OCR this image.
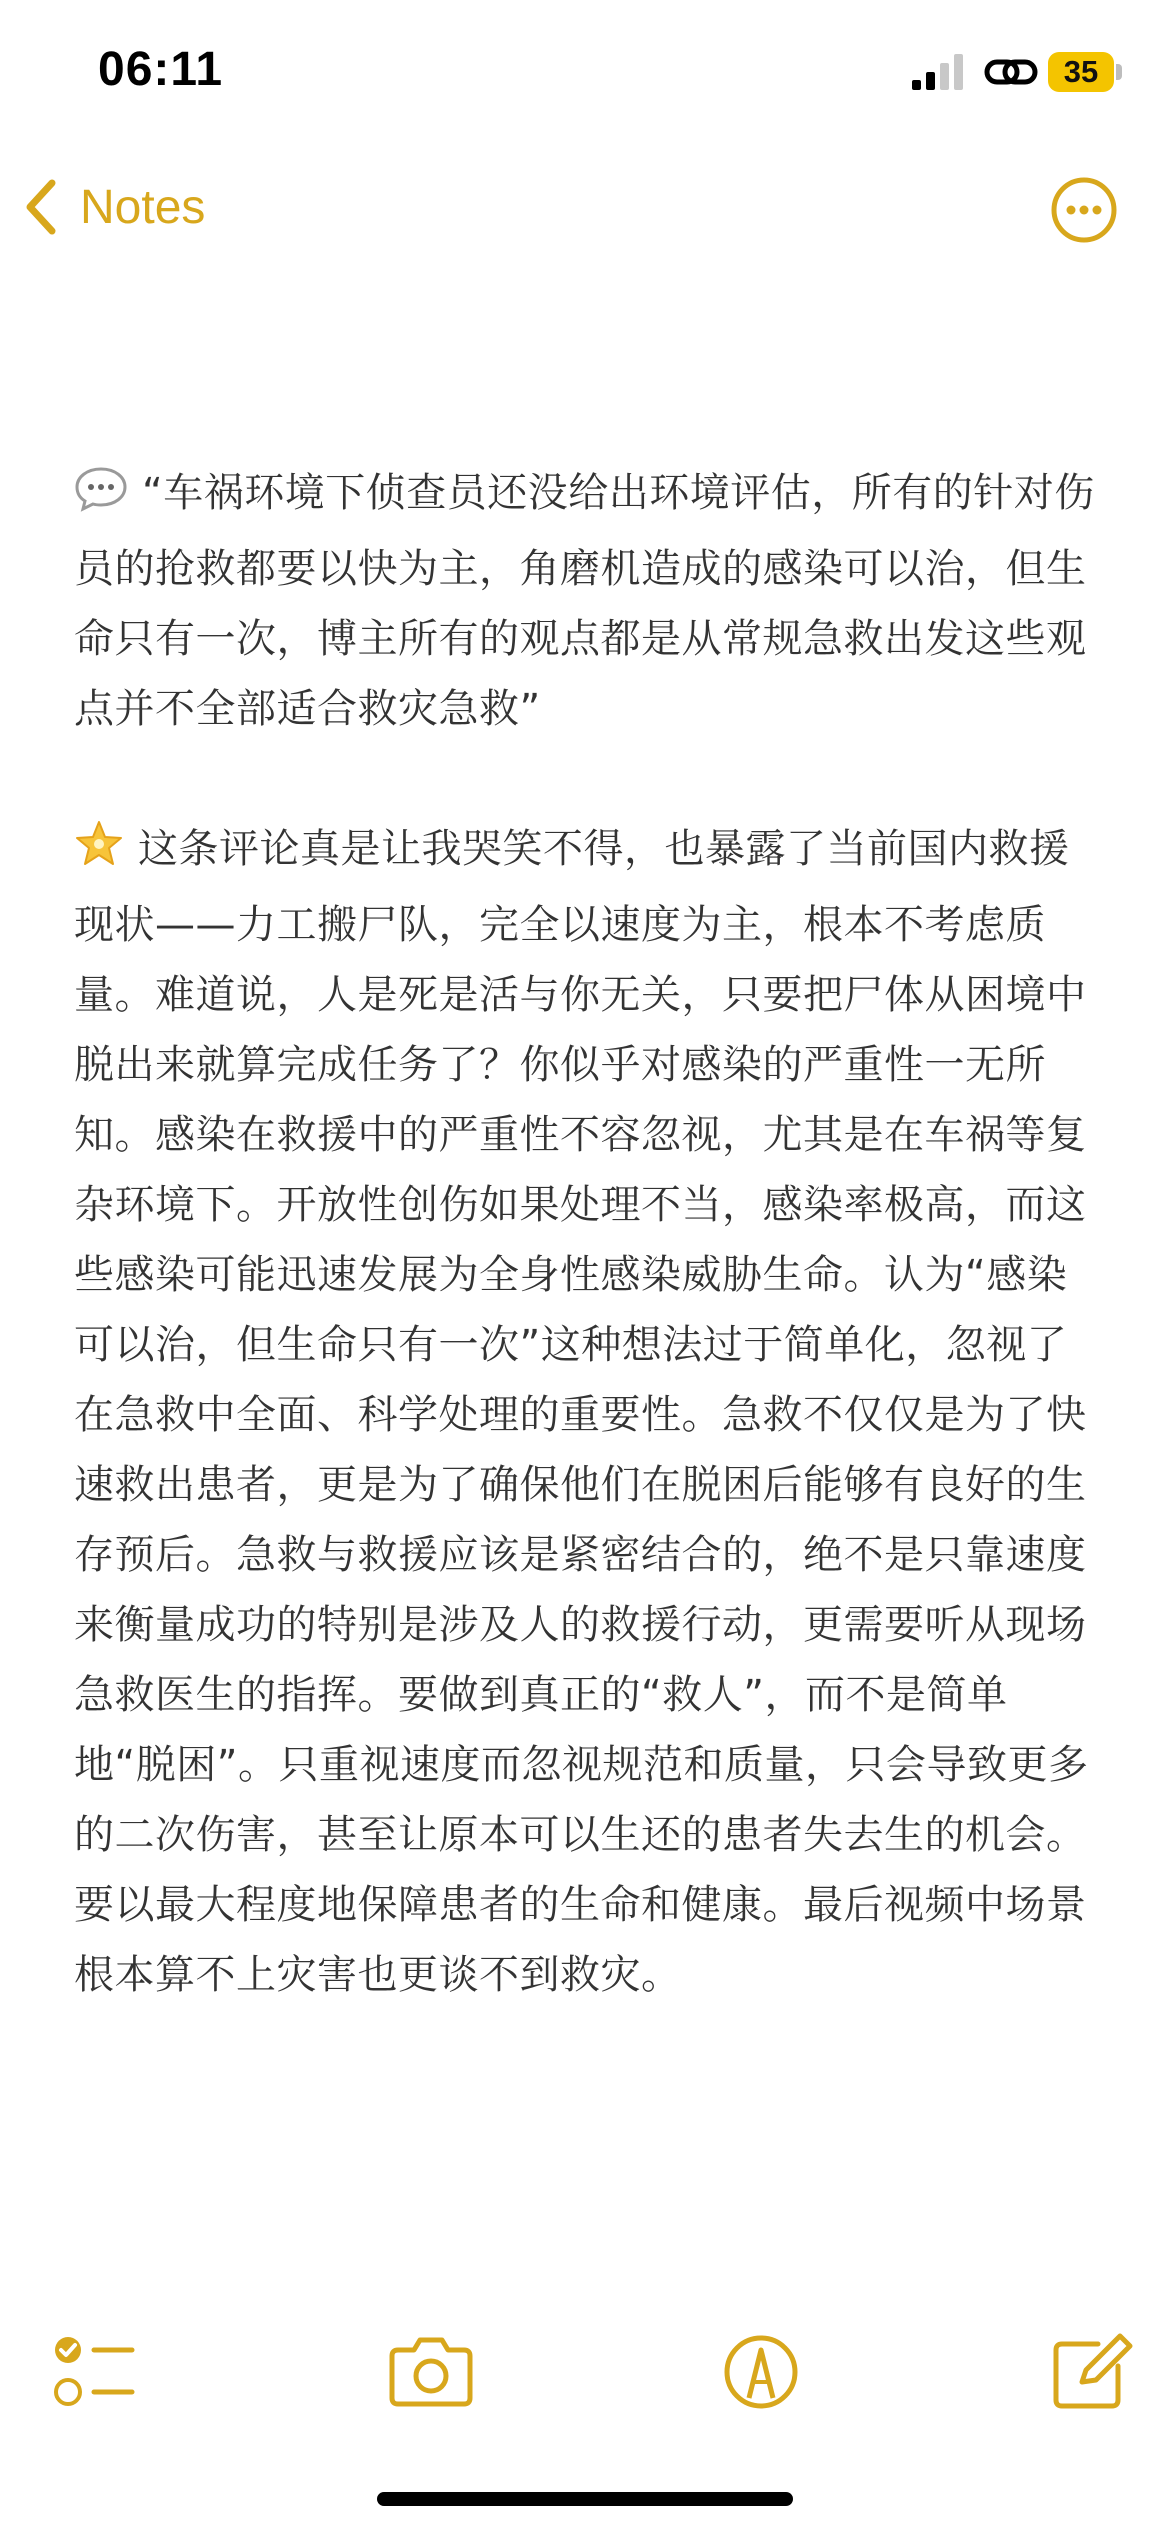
06:11	35
Notes

“车祸环境下侦查员还没给出环境评估，所有的针对伤员的抢救都要以快为主，角磨机造成的感染可以治，但生命只有一次，博主所有的观点都是从常规急救出发这些观点并不全部适合救灾急救”

这条评论真是让我哭笑不得，也暴露了当前国内救援现状——力工搬尸队，完全以速度为主，根本不考虑质量。难道说，人是死是活与你无关，只要把尸体从困境中脱出来就算完成任务了？你似乎对感染的严重性一无所知。感染在救援中的严重性不容忽视，尤其是在车祸等复杂环境下。开放性创伤如果处理不当，感染率极高，而这些感染可能迅速发展为全身性感染威胁生命。认为“感染可以治，但生命只有一次”这种想法过于简单化，忽视了在急救中全面、科学处理的重要性。急救不仅仅是为了快速救出患者，更是为了确保他们在脱困后能够有良好的生存预后。急救与救援应该是紧密结合的，绝不是只靠速度来衡量成功的特别是涉及人的救援行动，更需要听从现场急救医生的指挥。要做到真正的“救人”，而不是简单地“脱困”。只重视速度而忽视规范和质量，只会导致更多的二次伤害，甚至让原本可以生还的患者失去生的机会。要以最大程度地保障患者的生命和健康。最后视频中场景根本算不上灾害也更谈不到救灾。
